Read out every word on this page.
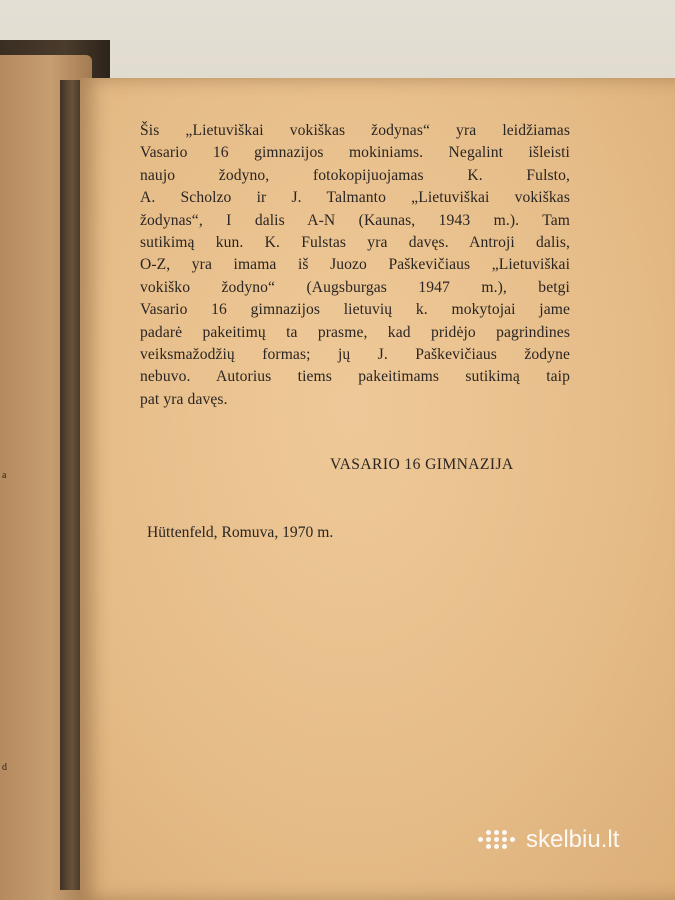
a
d
Šis „Lietuviškai vokiškas žodynas“ yra leidžiamas
Vasario 16 gimnazijos mokiniams. Negalint išleisti
naujo žodyno, fotokopijuojamas K. Fulsto,
A. Scholzo ir J. Talmanto „Lietuviškai vokiškas
žodynas“, I dalis A-N (Kaunas, 1943 m.). Tam
sutikimą kun. K. Fulstas yra davęs. Antroji dalis,
O-Z, yra imama iš Juozo Paškevičiaus „Lietuviškai
vokiško žodyno“ (Augsburgas 1947 m.), betgi
Vasario 16 gimnazijos lietuvių k. mokytojai jame
padarė pakeitimų ta prasme, kad pridėjo pagrindines
veiksmažodžių formas; jų J. Paškevičiaus žodyne
nebuvo. Autorius tiems pakeitimams sutikimą taip
pat yra davęs.
VASARIO 16 GIMNAZIJA
Hüttenfeld, Romuva, 1970 m.
skelbiu.lt
